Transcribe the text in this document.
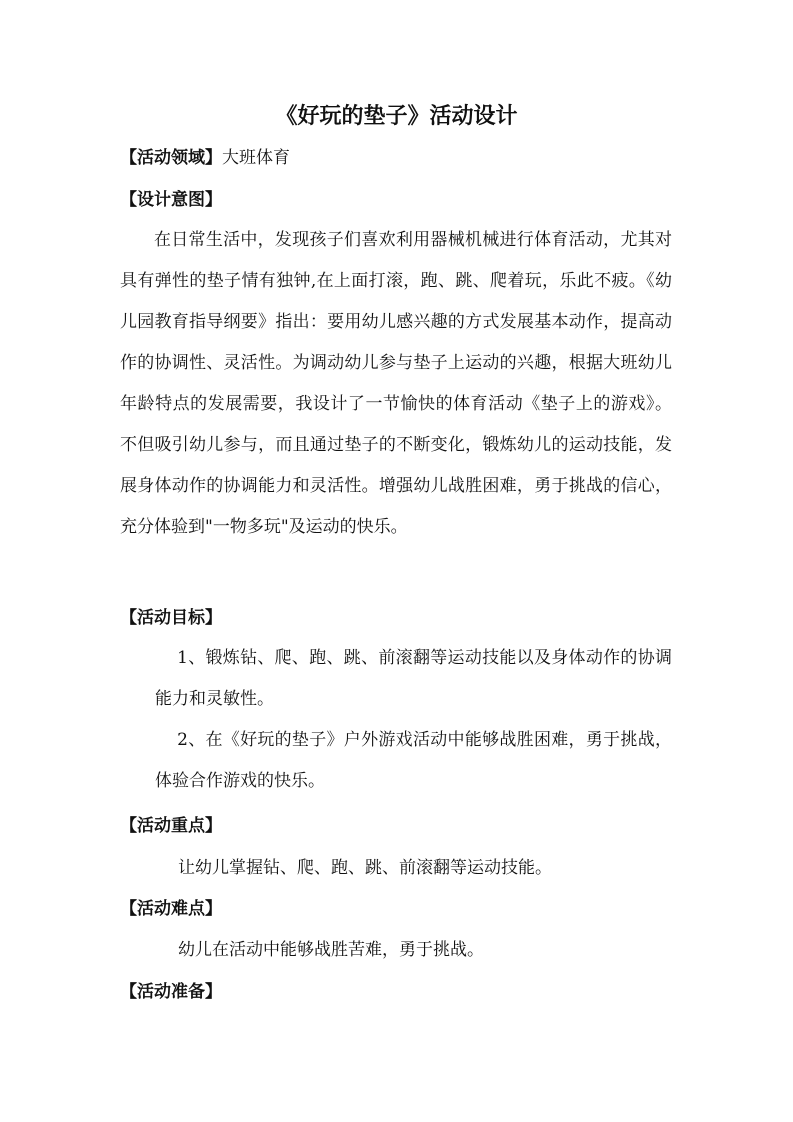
《好玩的垫子》活动设计
【活动领域】大班体育
【设计意图】
在日常生活中，发现孩子们喜欢利用器械机械进行体育活动，尤其对具有弹性的垫子情有独钟,在上面打滚，跑、跳、爬着玩，乐此不疲。《幼儿园教育指导纲要》指出：要用幼儿感兴趣的方式发展基本动作，提高动作的协调性、灵活性。为调动幼儿参与垫子上运动的兴趣，根据大班幼儿年龄特点的发展需要，我设计了一节愉快的体育活动《垫子上的游戏》。不但吸引幼儿参与，而且通过垫子的不断变化，锻炼幼儿的运动技能，发展身体动作的协调能力和灵活性。增强幼儿战胜困难，勇于挑战的信心，充分体验到"一物多玩"及运动的快乐。
【活动目标】
1、锻炼钻、爬、跑、跳、前滚翻等运动技能以及身体动作的协调能力和灵敏性。
2、在《好玩的垫子》户外游戏活动中能够战胜困难，勇于挑战，体验合作游戏的快乐。
【活动重点】
让幼儿掌握钻、爬、跑、跳、前滚翻等运动技能。
【活动难点】
幼儿在活动中能够战胜苦难，勇于挑战。
【活动准备】
